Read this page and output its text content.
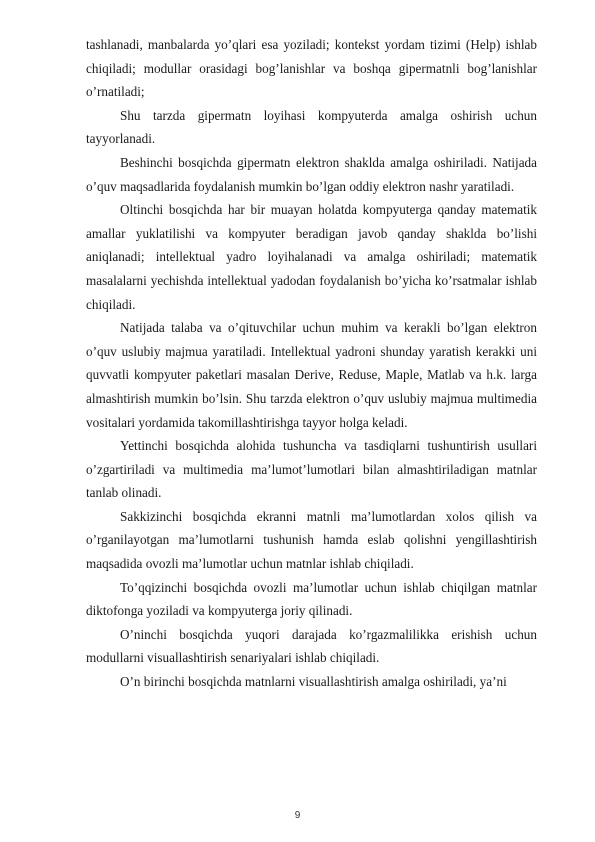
tashlanadi, manbalarda yo’qlari esa yoziladi; kontekst yordam tizimi (Help) ishlab chiqiladi; modullar orasidagi bog’lanishlar va boshqa gipermatnli bog’lanishlar o’rnatiladi;

Shu tarzda gipermatn loyihasi kompyuterda amalga oshirish uchun tayyorlanadi.

Beshinchi bosqichda gipermatn elektron shaklda amalga oshiriladi. Natijada o’quv maqsadlarida foydalanish mumkin bo’lgan oddiy elektron nashr yaratiladi.

Oltinchi bosqichda har bir muayan holatda kompyuterga qanday matematik amallar yuklatilishi va kompyuter beradigan javob qanday shaklda bo’lishi aniqlanadi; intellektual yadro loyihalanadi va amalga oshiriladi; matematik masalalarni yechishda intellektual yadodan foydalanish bo’yicha ko’rsatmalar ishlab chiqiladi.

Natijada talaba va o’qituvchilar uchun muhim va kerakli bo’lgan elektron o’quv uslubiy majmua yaratiladi. Intellektual yadroni shunday yaratish kerakki uni quvvatli kompyuter paketlari masalan Derive, Reduse, Maple, Matlab va h.k. larga almashtirish mumkin bo’lsin. Shu tarzda elektron o’quv uslubiy majmua multimedia vositalari yordamida takomillashtirishga tayyor holga keladi.

Yettinchi bosqichda alohida tushuncha va tasdiqlarni tushuntirish usullari o’zgartiriladi va multimedia ma’lumot’lumotlari bilan almashtiriladigan matnlar tanlab olinadi.

Sakkizinchi bosqichda ekranni matnli ma’lumotlardan xolos qilish va o’rganilayotgan ma’lumotlarni tushunish hamda eslab qolishni yengillashtirish maqsadida ovozli ma’lumotlar uchun matnlar ishlab chiqiladi.

To’qqizinchi bosqichda ovozli ma’lumotlar uchun ishlab chiqilgan matnlar diktofonga yoziladi va kompyuterga joriy qilinadi.

O’ninchi bosqichda yuqori darajada ko’rgazmalilikka erishish uchun modullarni visuallashtirish senariyalari ishlab chiqiladi.

O’n birinchi bosqichda matnlarni visuallashtirish amalga oshiriladi, ya’ni

9
